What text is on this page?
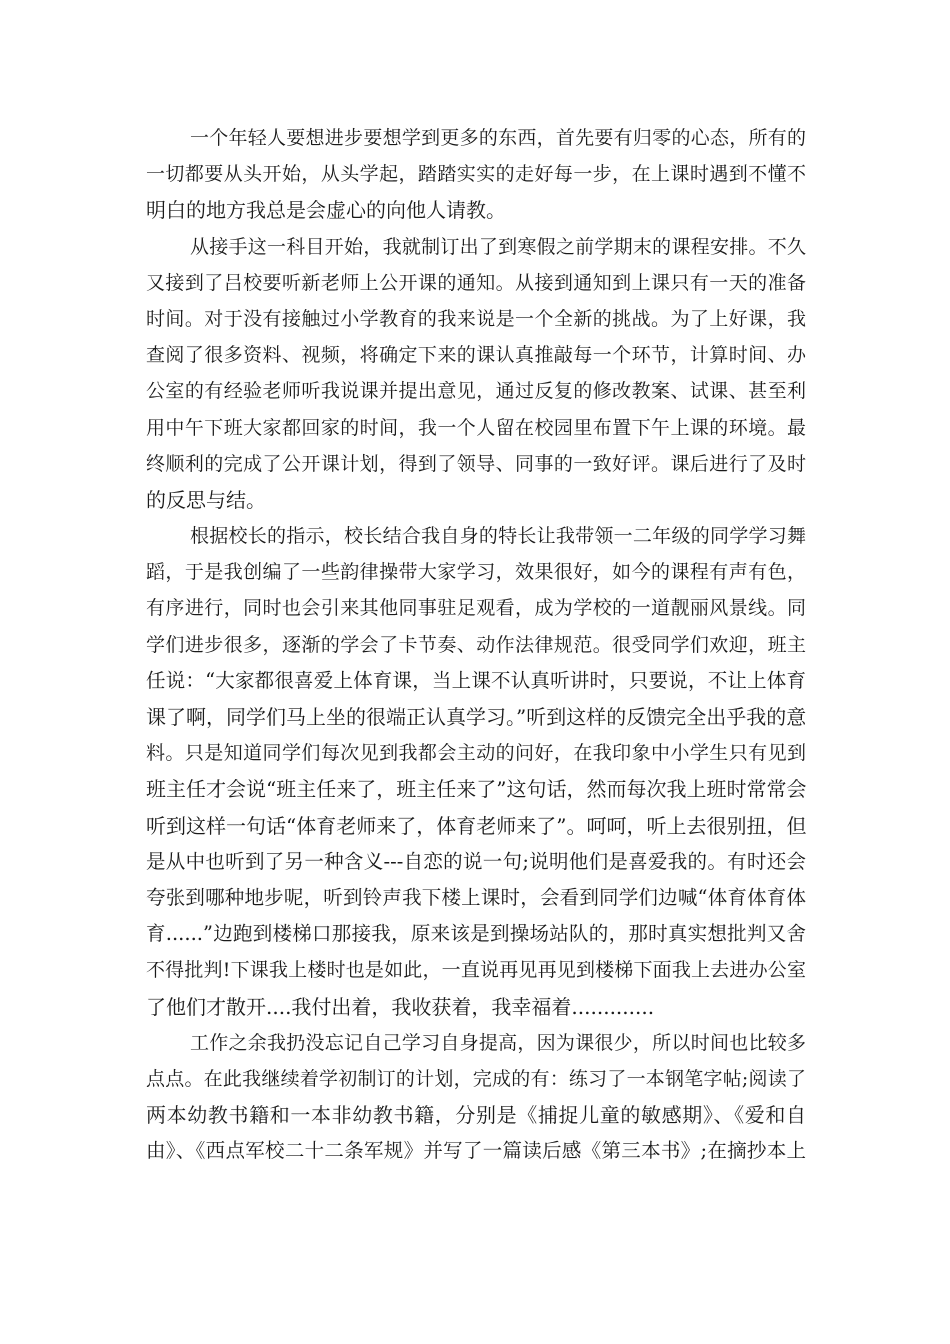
一个年轻人要想进步要想学到更多的东西，首先要有归零的心态，所有的
一切都要从头开始，从头学起，踏踏实实的走好每一步，在上课时遇到不懂不
明白的地方我总是会虚心的向他人请教。
从接手这一科目开始，我就制订出了到寒假之前学期末的课程安排。不久
又接到了吕校要听新老师上公开课的通知。从接到通知到上课只有一天的准备
时间。对于没有接触过小学教育的我来说是一个全新的挑战。为了上好课，我
查阅了很多资料、视频，将确定下来的课认真推敲每一个环节，计算时间、办
公室的有经验老师听我说课并提出意见，通过反复的修改教案、试课、甚至利
用中午下班大家都回家的时间，我一个人留在校园里布置下午上课的环境。最
终顺利的完成了公开课计划，得到了领导、同事的一致好评。课后进行了及时
的反思与结。
根据校长的指示，校长结合我自身的特长让我带领一二年级的同学学习舞
蹈，于是我创编了一些韵律操带大家学习，效果很好，如今的课程有声有色，
有序进行，同时也会引来其他同事驻足观看，成为学校的一道靓丽风景线。同
学们进步很多，逐渐的学会了卡节奏、动作法律规范。很受同学们欢迎，班主
任说：“大家都很喜爱上体育课，当上课不认真听讲时，只要说，不让上体育
课了啊，同学们马上坐的很端正认真学习。”听到这样的反馈完全出乎我的意
料。只是知道同学们每次见到我都会主动的问好，在我印象中小学生只有见到
班主任才会说“班主任来了，班主任来了”这句话，然而每次我上班时常常会
听到这样一句话“体育老师来了，体育老师来了”。呵呵，听上去很别扭，但
是从中也听到了另一种含义---自恋的说一句;说明他们是喜爱我的。有时还会
夸张到哪种地步呢，听到铃声我下楼上课时，会看到同学们边喊“体育体育体
育......”边跑到楼梯口那接我，原来该是到操场站队的，那时真实想批判又舍
不得批判!下课我上楼时也是如此，一直说再见再见到楼梯下面我上去进办公室
了他们才散开....我付出着，我收获着，我幸福着.............
工作之余我扔没忘记自己学习自身提高，因为课很少，所以时间也比较多
点点。在此我继续着学初制订的计划，完成的有：练习了一本钢笔字帖;阅读了
两本幼教书籍和一本非幼教书籍，分别是《捕捉儿童的敏感期》、《爱和自
由》、《西点军校二十二条军规》并写了一篇读后感《第三本书》;在摘抄本上
